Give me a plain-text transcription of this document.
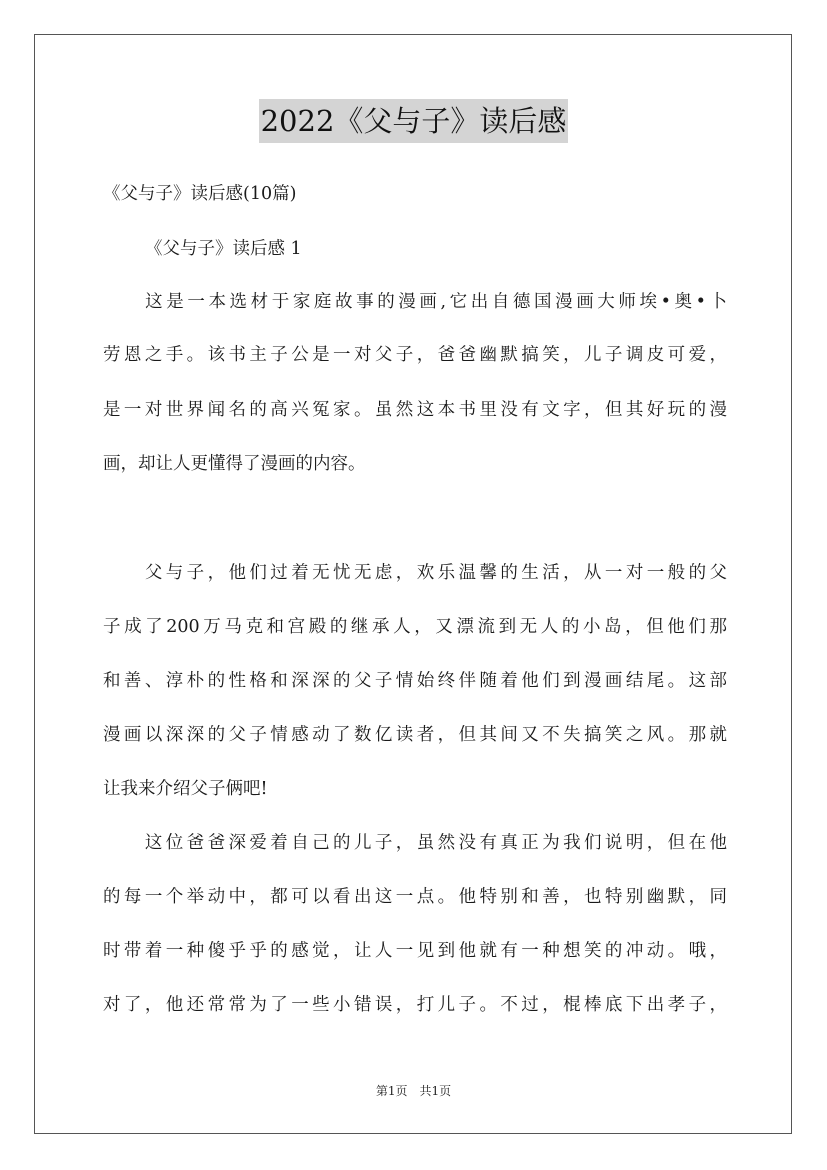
2022《父与子》读后感
《父与子》读后感(10篇)
《父与子》读后感 1
　　这是一本选材于家庭故事的漫画,它出自德国漫画大师埃•奥•卜
劳恩之手。该书主子公是一对父子，爸爸幽默搞笑，儿子调皮可爱，
是一对世界闻名的高兴冤家。虽然这本书里没有文字，但其好玩的漫
画，却让人更懂得了漫画的内容。
　　父与子，他们过着无忧无虑，欢乐温馨的生活，从一对一般的父
子成了200万马克和宫殿的继承人，又漂流到无人的小岛，但他们那
和善、淳朴的性格和深深的父子情始终伴随着他们到漫画结尾。这部
漫画以深深的父子情感动了数亿读者，但其间又不失搞笑之风。那就
让我来介绍父子俩吧!
　　这位爸爸深爱着自己的儿子，虽然没有真正为我们说明，但在他
的每一个举动中，都可以看出这一点。他特别和善，也特别幽默，同
时带着一种傻乎乎的感觉，让人一见到他就有一种想笑的冲动。哦，
对了，他还常常为了一些小错误，打儿子。不过，棍棒底下出孝子，
第1页　共1页
